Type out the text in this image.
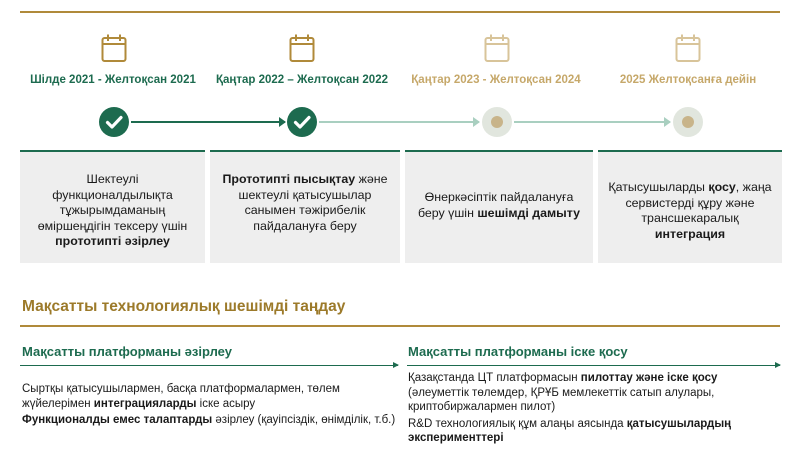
Шілде 2021 - Желтоқсан 2021	Қаңтар 2022 – Желтоқсан 2022	Қаңтар 2023 - Желтоқсан 2024	2025 Желтоқсанға дейін
Шектеулі функционалдылықта тұжырымдаманың өміршеңдігін тексеру үшін прототипті әзірлеу
Прототипті пысықтау және шектеулі қатысушылар санымен тәжірибелік пайдалануға беру
Өнеркәсіптік пайдалануға беру үшін шешімді дамыту
Қатысушыларды қосу, жаңа сервистерді құру және трансшекаралық интеграция
Мақсатты технологиялық шешімді таңдау
Мақсатты платформаны әзірлеу	Мақсатты платформаны іске қосу

Сыртқы қатысушылармен, басқа платформалармен, төлем жүйелерімен интеграцияларды іске асыру

Функционалды емес талаптарды әзірлеу (қауіпсіздік, өнімділік, т.б.)

Қазақстанда ЦТ платформасын пилоттау және іске қосу (әлеуметтік төлемдер, ҚРҰБ мемлекеттік сатып алулары, криптобиржалармен пилот)

R&D технологиялық құм алаңы аясында қатысушылардың эксперименттері
